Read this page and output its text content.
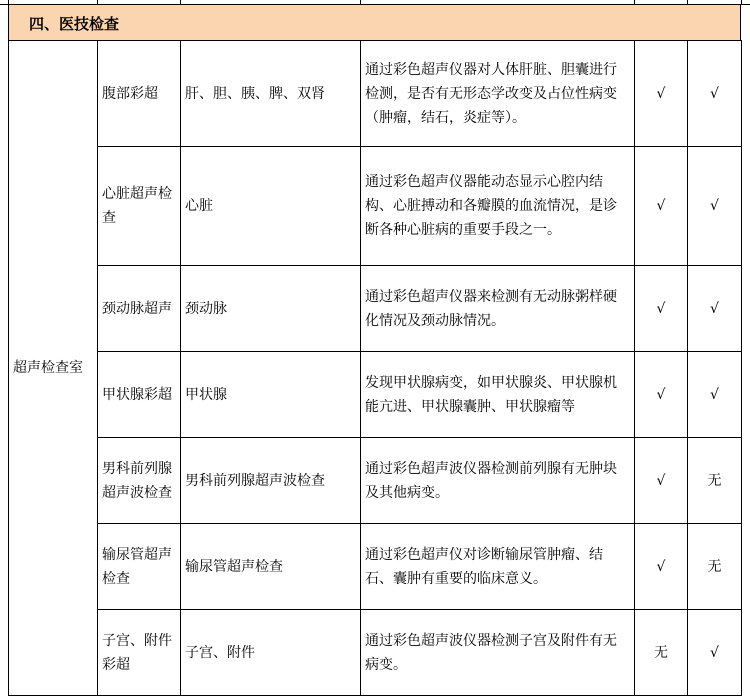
四、医技检查
超声检查室	腹部彩超	肝、胆、胰、脾、双肾	通过彩色超声仪器对人体肝脏、胆囊进行检测，是否有无形态学改变及占位性病变（肿瘤，结石，炎症等）。	√	√
	心脏超声检查	心脏	通过彩色超声仪器能动态显示心腔内结构、心脏搏动和各瓣膜的血流情况，是诊断各种心脏病的重要手段之一。	√	√
	颈动脉超声	颈动脉	通过彩色超声仪器来检测有无动脉粥样硬化情况及颈动脉情况。	√	√
	甲状腺彩超	甲状腺	发现甲状腺病变，如甲状腺炎、甲状腺机能亢进、甲状腺囊肿、甲状腺瘤等	√	√
	男科前列腺超声波检查	男科前列腺超声波检查	通过彩色超声波仪器检测前列腺有无肿块及其他病变。	√	无
	输尿管超声检查	输尿管超声检查	通过彩色超声仪对诊断输尿管肿瘤、结石、囊肿有重要的临床意义。	√	无
	子宫、附件彩超	子宫、附件	通过彩色超声波仪器检测子宫及附件有无病变。	无	√
